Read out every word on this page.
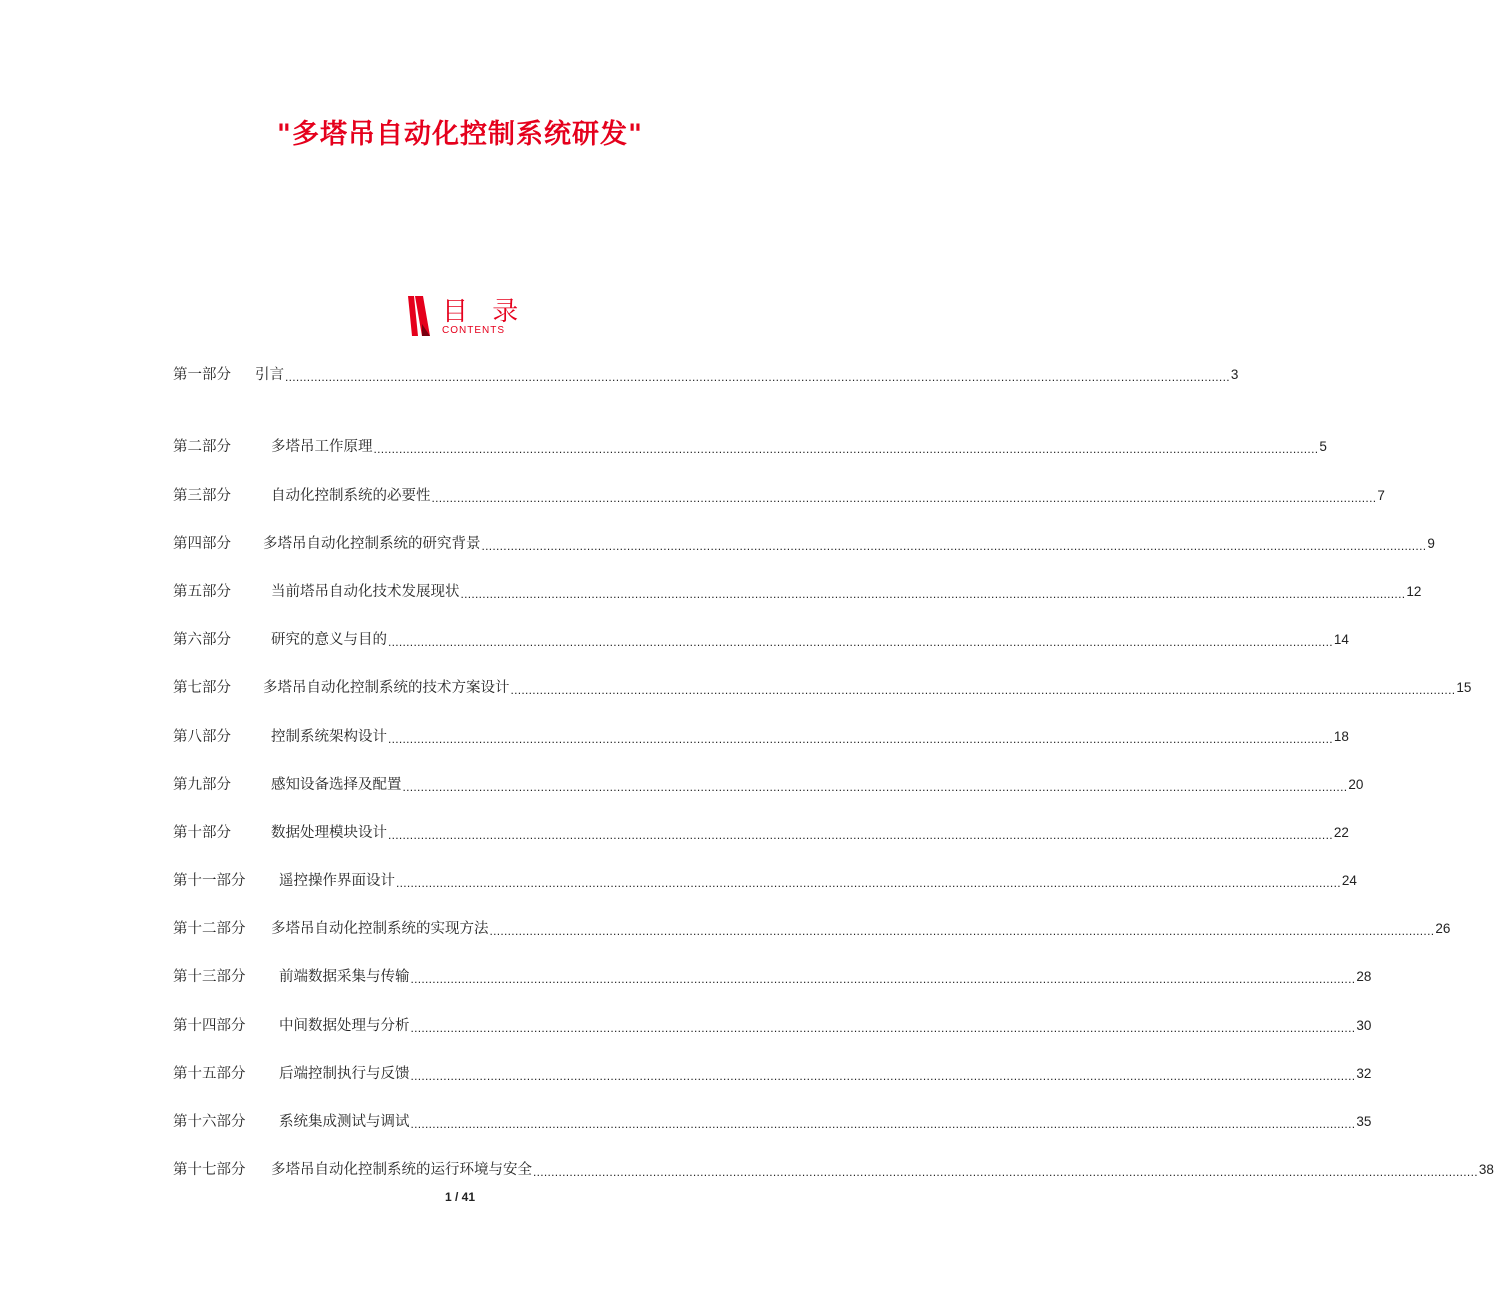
"多塔吊自动化控制系统研发"
目 录
CONTENTS
第一部分	引言 .................................................................................................................................................................................................................................................................... 3
第二部分	多塔吊工作原理 .................................................................................................................................................................................................................................................................... 5
第三部分	自动化控制系统的必要性 .................................................................................................................................................................................................................................................................... 7
第四部分	多塔吊自动化控制系统的研究背景 .................................................................................................................................................................................................................................................................... 9
第五部分	当前塔吊自动化技术发展现状 .................................................................................................................................................................................................................................................................... 12
第六部分	研究的意义与目的 .................................................................................................................................................................................................................................................................... 14
第七部分	多塔吊自动化控制系统的技术方案设计 .................................................................................................................................................................................................................................................................... 15
第八部分	控制系统架构设计 .................................................................................................................................................................................................................................................................... 18
第九部分	感知设备选择及配置 .................................................................................................................................................................................................................................................................... 20
第十部分	数据处理模块设计 .................................................................................................................................................................................................................................................................... 22
第十一部分	遥控操作界面设计 .................................................................................................................................................................................................................................................................... 24
第十二部分	多塔吊自动化控制系统的实现方法 .................................................................................................................................................................................................................................................................... 26
第十三部分	前端数据采集与传输 .................................................................................................................................................................................................................................................................... 28
第十四部分	中间数据处理与分析 .................................................................................................................................................................................................................................................................... 30
第十五部分	后端控制执行与反馈 .................................................................................................................................................................................................................................................................... 32
第十六部分	系统集成测试与调试 .................................................................................................................................................................................................................................................................... 35
第十七部分	多塔吊自动化控制系统的运行环境与安全 .................................................................................................................................................................................................................................................................... 38
1 / 41
